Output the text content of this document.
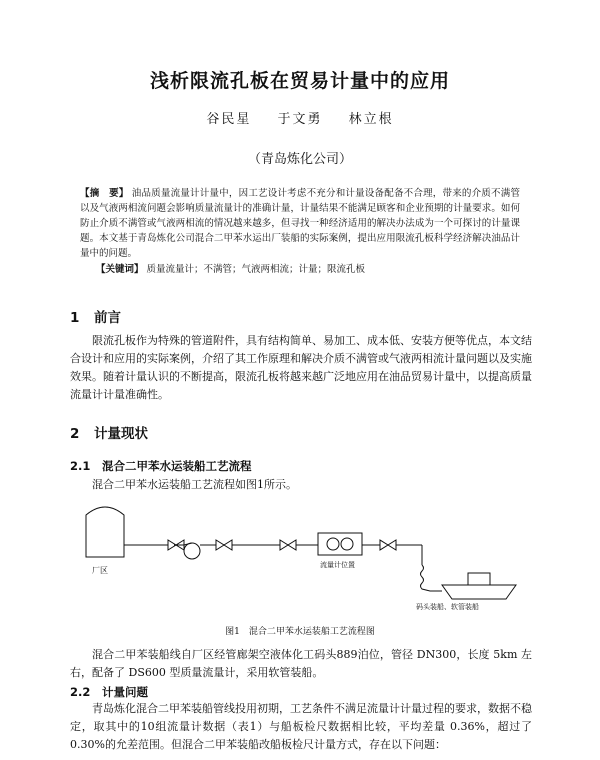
浅析限流孔板在贸易计量中的应用
谷民星 于文勇 林立根
（青岛炼化公司）
【摘　要】 油品质量流量计计量中，因工艺设计考虑不充分和计量设备配备不合理，带来的介质不满管以及气液两相流问题会影响质量流量计的准确计量，计量结果不能满足顾客和企业预期的计量要求。如何防止介质不满管或气液两相流的情况越来越多，但寻找一种经济适用的解决办法成为一个可探讨的计量课题。本文基于青岛炼化公司混合二甲苯水运出厂装船的实际案例，提出应用限流孔板科学经济解决油品计量中的问题。
【关键词】 质量流量计；不满管；气液两相流；计量；限流孔板
1 前言
限流孔板作为特殊的管道附件，具有结构简单、易加工、成本低、安装方便等优点，本文结合设计和应用的实际案例，介绍了其工作原理和解决介质不满管或气液两相流计量问题以及实施效果。随着计量认识的不断提高，限流孔板将越来越广泛地应用在油品贸易计量中，以提高质量流量计计量准确性。
2 计量现状
2.1 混合二甲苯水运装船工艺流程
混合二甲苯水运装船工艺流程如图1所示。
厂区
流量计位置
码头装船、软管装船
图1　混合二甲苯水运装船工艺流程图
混合二甲苯装船线自厂区经管廊架空液体化工码头889泊位，管径 DN300，长度 5km 左右，配备了 DS600 型质量流量计，采用软管装船。
2.2 计量问题
青岛炼化混合二甲苯装船管线投用初期，工艺条件不满足流量计计量过程的要求，数据不稳定，取其中的10组流量计数据（表1）与船板检尺数据相比较，平均差量 0.36%，超过了 0.30%的允差范围。但混合二甲苯装船改船板检尺计量方式，存在以下问题：
